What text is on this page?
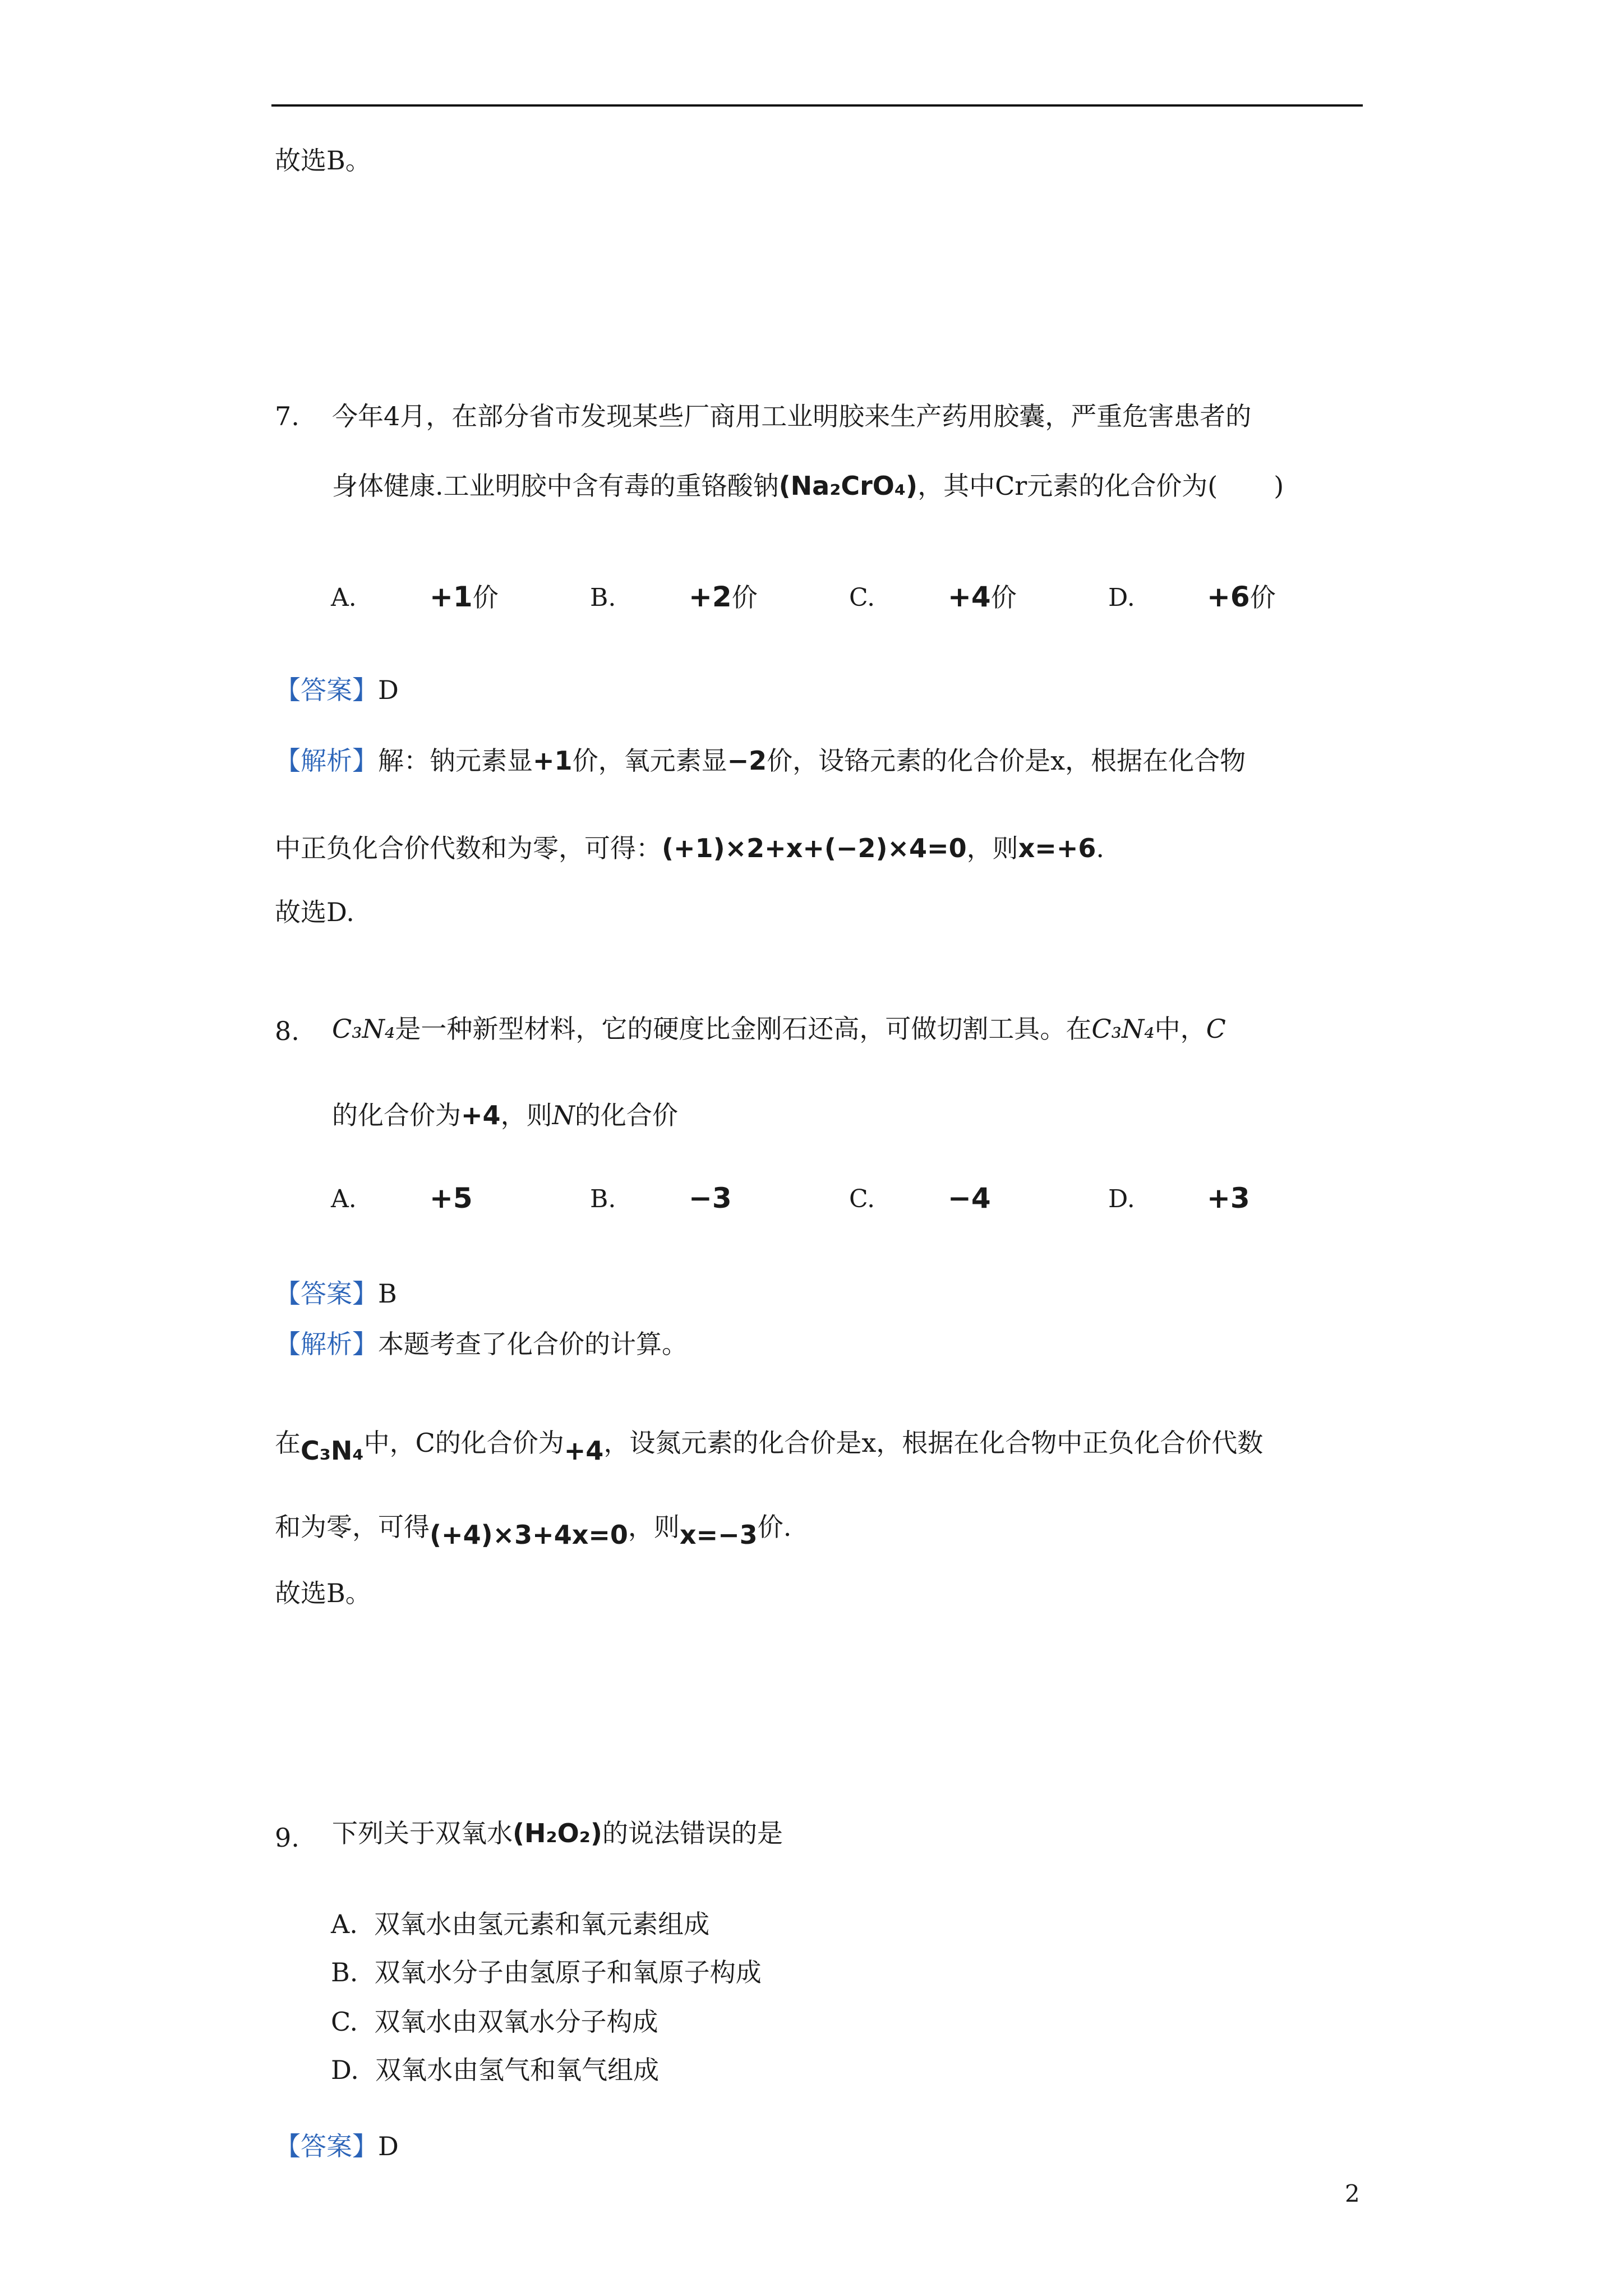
故选B。
7. 今年4月，在部分省市发现某些厂商用工业明胶来生产药用胶囊，严重危害患者的
身体健康.工业明胶中含有毒的重铬酸钠(Na₂CrO₄)，其中Cr元素的化合价为( )
A.	+1价	B.	+2价	C.	+4价	D.	+6价
【答案】D
【解析】解：钠元素显+1价，氧元素显−2价，设铬元素的化合价是x，根据在化合物
中正负化合价代数和为零，可得：(+1)×2+x+(−2)×4=0，则x=+6.
故选D.
8. C₃N₄是一种新型材料，它的硬度比金刚石还高，可做切割工具。在C₃N₄中，C
的化合价为+4，则N的化合价
A.	+5	B.	−3	C.	−4	D.	+3
【答案】B
【解析】本题考查了化合价的计算。
在C₃N₄中，C的化合价为+4，设氮元素的化合价是x，根据在化合物中正负化合价代数
和为零，可得(+4)×3+4x=0，则x=−3价.
故选B。
9. 下列关于双氧水(H₂O₂)的说法错误的是
A. 双氧水由氢元素和氧元素组成
B. 双氧水分子由氢原子和氧原子构成
C. 双氧水由双氧水分子构成
D. 双氧水由氢气和氧气组成
【答案】D
2
